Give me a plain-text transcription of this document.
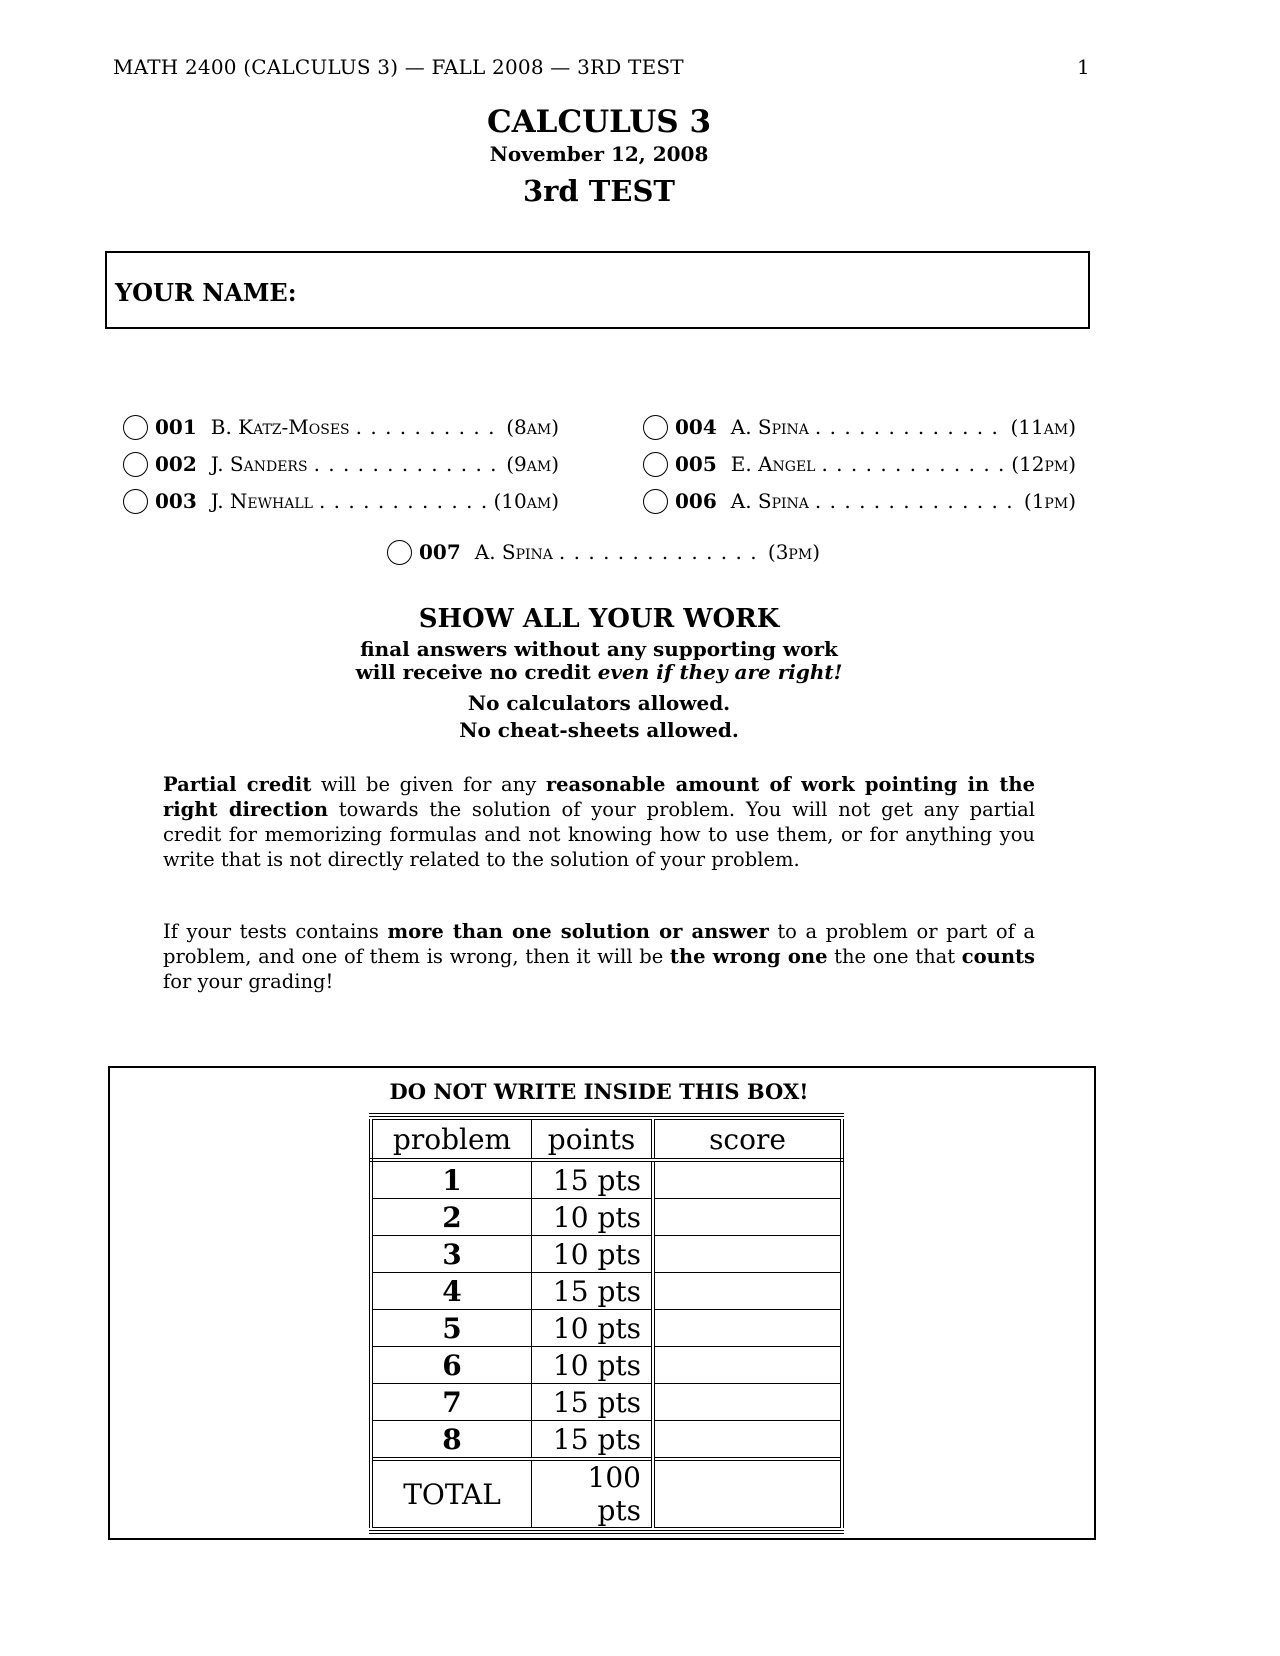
MATH 2400 (CALCULUS 3) — FALL 2008 — 3RD TEST	1
CALCULUS 3
November 12, 2008
3rd TEST
YOUR NAME:
001 B. Katz-Moses . . .	(8am)
002 J. Sanders . . .	(9am)
003 J. Newhall . . .	(10am)
004 A. Spina . . .	(11am)
005 E. Angel . . .	(12pm)
006 A. Spina . . .	(1pm)
007 A. Spina . . .	(3pm)
SHOW ALL YOUR WORK
final answers without any supporting work
will receive no credit even if they are right!
No calculators allowed.
No cheat-sheets allowed.
Partial credit will be given for any reasonable amount of work pointing in the right direction towards the solution of your problem. You will not get any partial credit for memorizing formulas and not knowing how to use them, or for anything you write that is not directly related to the solution of your problem.
If your tests contains more than one solution or answer to a problem or part of a problem, and one of them is wrong, then it will be the wrong one the one that counts for your grading!
DO NOT WRITE INSIDE THIS BOX!
problem	points	score
1	15 pts	
2	10 pts	
3	10 pts	
4	15 pts	
5	10 pts	
6	10 pts	
7	15 pts	
8	15 pts	
TOTAL	100 pts	
